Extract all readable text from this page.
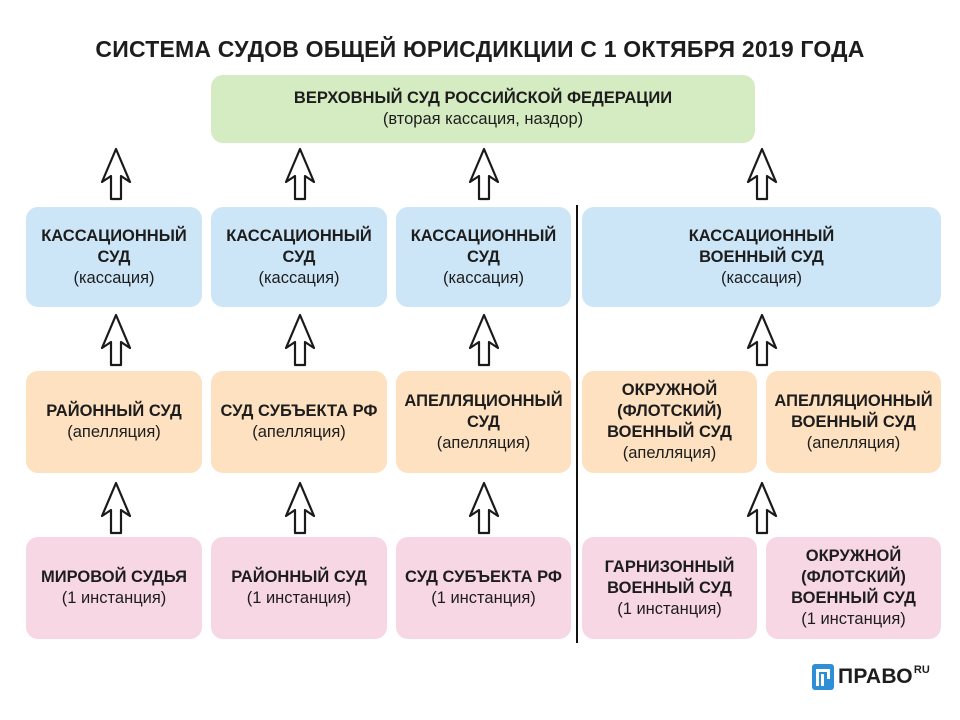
СИСТЕМА СУДОВ ОБЩЕЙ ЮРИСДИКЦИИ С 1 ОКТЯБРЯ 2019 ГОДА
ВЕРХОВНЫЙ СУД РОССИЙСКОЙ ФЕДЕРАЦИИ
(вторая кассация, наздор)
КАССАЦИОННЫЙ
СУД
(кассация)
КАССАЦИОННЫЙ
СУД
(кассация)
КАССАЦИОННЫЙ
СУД
(кассация)
КАССАЦИОННЫЙ
ВОЕННЫЙ СУД
(кассация)
РАЙОННЫЙ СУД
(апелляция)
СУД СУБЪЕКТА РФ
(апелляция)
АПЕЛЛЯЦИОННЫЙ
СУД
(апелляция)
ОКРУЖНОЙ
(ФЛОТСКИЙ)
ВОЕННЫЙ СУД
(апелляция)
АПЕЛЛЯЦИОННЫЙ
ВОЕННЫЙ СУД
(апелляция)
МИРОВОЙ СУДЬЯ
(1 инстанция)
РАЙОННЫЙ СУД
(1 инстанция)
СУД СУБЪЕКТА РФ
(1 инстанция)
ГАРНИЗОННЫЙ
ВОЕННЫЙ СУД
(1 инстанция)
ОКРУЖНОЙ
(ФЛОТСКИЙ)
ВОЕННЫЙ СУД
(1 инстанция)
ПРАВО RU
